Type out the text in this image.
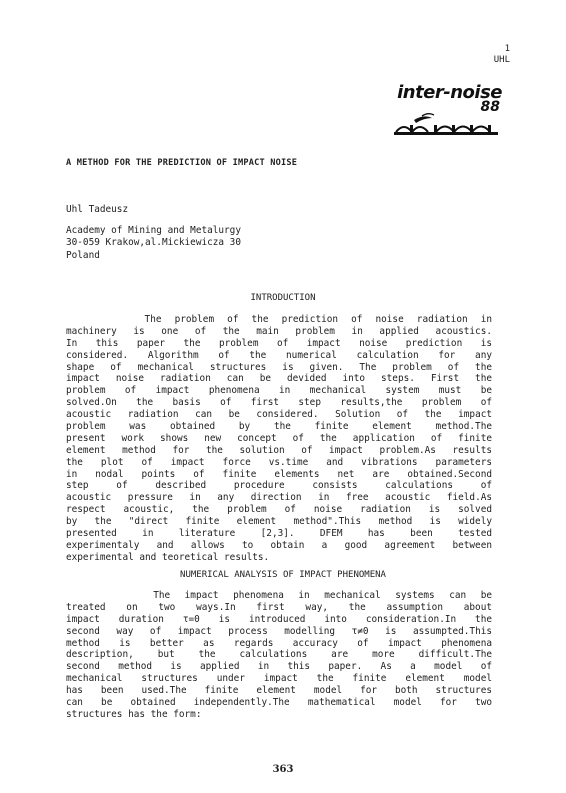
1
UHL
inter-noise
88
A METHOD FOR THE PREDICTION OF IMPACT NOISE
Uhl Tadeusz
Academy of Mining and Metalurgy
30-059 Krakow,al.Mickiewicza 30
Poland
INTRODUCTION
The problem of the prediction of noise radiation in
machinery is one of the main problem in applied acoustics.
In this paper the problem of impact noise prediction is
considered. Algorithm of the numerical calculation for any
shape of mechanical structures is given. The problem of the
impact noise radiation can be devided into steps. First the
problem of impact phenomena in mechanical system must be
solved.On the basis of first step results,the problem of
acoustic radiation can be considered. Solution of the impact
problem was obtained by the finite element method.The
present work shows new concept of the application of finite
element method for the solution of impact problem.As results
the plot of impact force vs.time and vibrations parameters
in nodal points of finite elements net are obtained.Second
step of described procedure consists calculations of
acoustic pressure in any direction in free acoustic field.As
respect acoustic, the problem of noise radiation is solved
by the "direct finite element method".This method is widely
presented in literature [2,3]. DFEM has been tested
experimentaly and allows to obtain a good agreement between
experimental and teoretical results.
NUMERICAL ANALYSIS OF IMPACT PHENOMENA
The impact phenomena in mechanical systems can be
treated on two ways.In first way, the assumption about
impact duration τ=0 is introduced into consideration.In the
second way of impact process modelling τ≠0 is assumpted.This
method is better as regards accuracy of impact phenomena
description, but the calculations are more difficult.The
second method is applied in this paper. As a model of
mechanical structures under impact the finite element model
has been used.The finite element model for both structures
can be obtained independently.The mathematical model for two
structures has the form:
363
